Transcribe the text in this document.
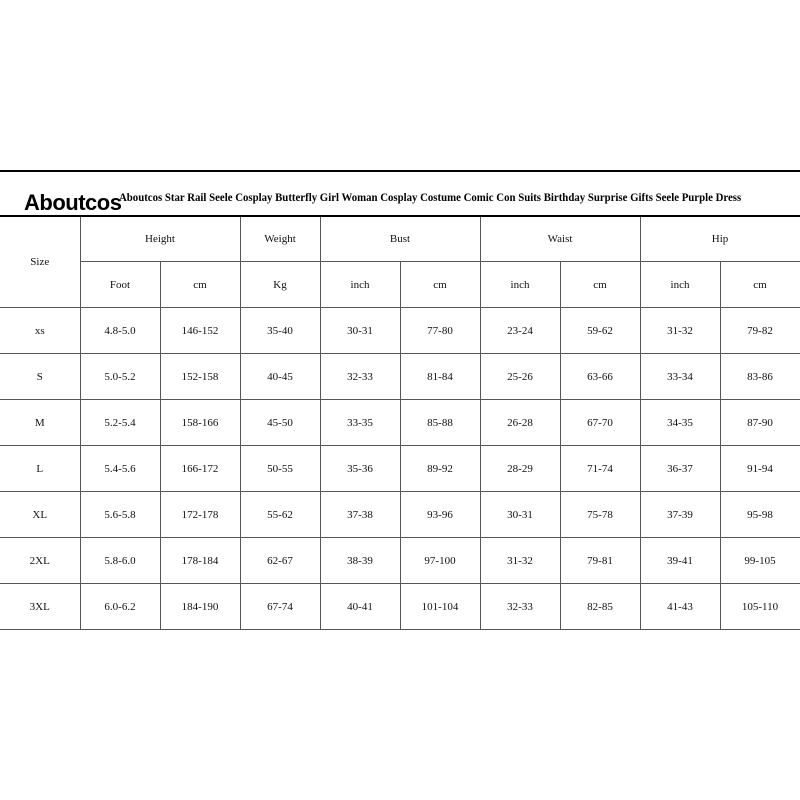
Aboutcos
Aboutcos Star Rail Seele Cosplay Butterfly Girl Woman Cosplay Costume Comic Con Suits Birthday Surprise Gifts Seele Purple Dress
Size	Height		Weight	Bust		Waist		Hip	
	Foot	cm	Kg	inch	cm	inch	cm	inch	cm
xs	4.8-5.0	146-152	35-40	30-31	77-80	23-24	59-62	31-32	79-82
S	5.0-5.2	152-158	40-45	32-33	81-84	25-26	63-66	33-34	83-86
M	5.2-5.4	158-166	45-50	33-35	85-88	26-28	67-70	34-35	87-90
L	5.4-5.6	166-172	50-55	35-36	89-92	28-29	71-74	36-37	91-94
XL	5.6-5.8	172-178	55-62	37-38	93-96	30-31	75-78	37-39	95-98
2XL	5.8-6.0	178-184	62-67	38-39	97-100	31-32	79-81	39-41	99-105
3XL	6.0-6.2	184-190	67-74	40-41	101-104	32-33	82-85	41-43	105-110
